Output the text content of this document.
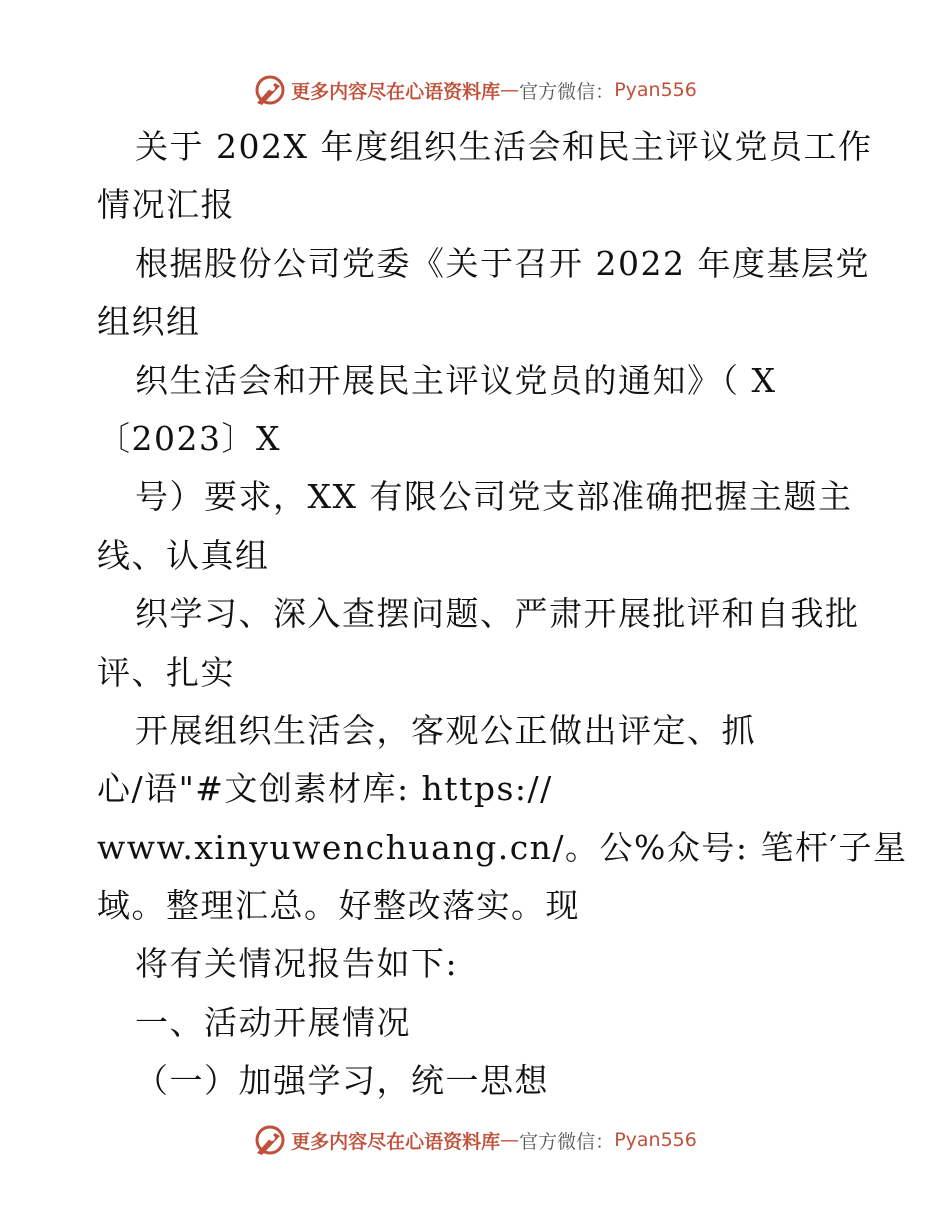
更多内容尽在心语资料库 — 官方微信： Pyan556
关于 202X 年度组织生活会和民主评议党员工作
情况汇报
根据股份公司党委《关于召开 2022 年度基层党
组织组
织生活会和开展民主评议党员的通知》（ X
〔2023〕X
号）要求，XX 有限公司党支部准确把握主题主
线、认真组
织学习、深入查摆问题、严肃开展批评和自我批
评、扎实
开展组织生活会，客观公正做出评定、抓
心/语"#文创素材库: https://
www.xinyuwenchuang.cn/。公%众号: 笔杆′子星
域。整理汇总。好整改落实。现
将有关情况报告如下:
一、活动开展情况
（一）加强学习，统一思想
更多内容尽在心语资料库 — 官方微信： Pyan556
